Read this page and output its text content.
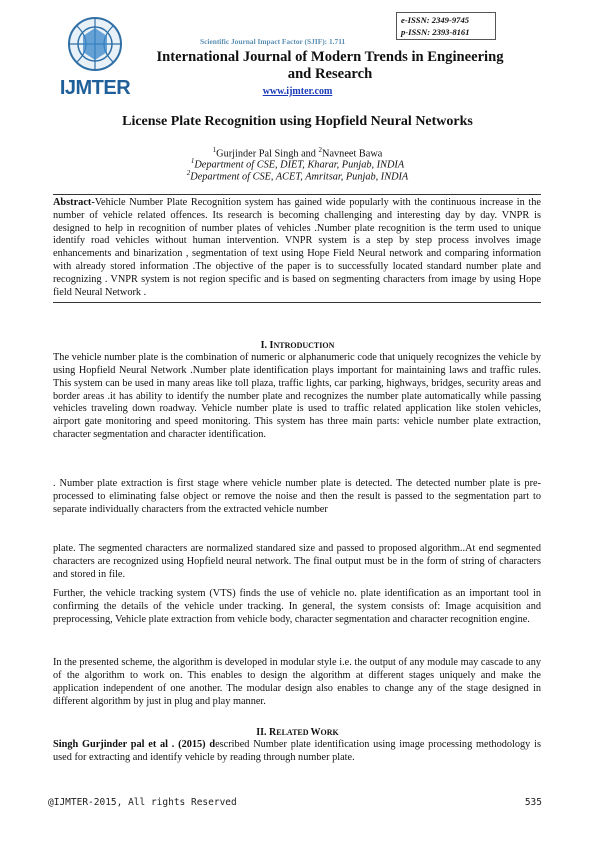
IJMTER
Scientific Journal Impact Factor (SJIF): 1.711
e-ISSN: 2349-9745
p-ISSN: 2393-8161
International Journal of Modern Trends in Engineering
and Research
www.ijmter.com
License Plate Recognition using Hopfield Neural Networks
$^1$Gurjinder Pal Singh and $^2$Navneet Bawa
$^1$Department of CSE, DIET, Kharar, Punjab, INDIA
$^2$Department of CSE, ACET, Amritsar, Punjab, INDIA
Abstract-Vehicle Number Plate Recognition system has gained wide popularly with the continuous increase in the number of vehicle related offences. Its research is becoming challenging and interesting day by day. VNPR is designed to help in recognition of number plates of vehicles .Number plate recognition is the term used to unique identify road vehicles without human intervention. VNPR system is a step by step process involves image enhancements and binarization , segmentation of text using Hope Field Neural network and comparing information with already stored information .The objective of the paper is to successfully located standard number plate and recognizing . VNPR system is not region specific and is based on segmenting characters from image by using Hope field Neural Network .
I. INTRODUCTION
The vehicle number plate is the combination of numeric or alphanumeric code that uniquely recognizes the vehicle by using Hopfield Neural Network .Number plate identification plays important for maintaining laws and traffic rules. This system can be used in many areas like toll plaza, traffic lights, car parking, highways, bridges, security areas and border areas .it has ability to identify the number plate and recognizes the number plate automatically while passing vehicles traveling down roadway. Vehicle number plate is used to traffic related application like stolen vehicles, airport gate monitoring and speed monitoring. This system has three main parts: vehicle number plate extraction, character segmentation and character identification.
. Number plate extraction is first stage where vehicle number plate is detected. The detected number plate is pre-processed to eliminating false object or remove the noise and then the result is passed to the segmentation part to separate individually characters from the extracted vehicle number
plate. The segmented characters are normalized standared size and passed to proposed algorithm..At end segmented characters are recognized using Hopfield neural network. The final output must be in the form of string of characters and stored in file.
Further, the vehicle tracking system (VTS) finds the use of vehicle no. plate identification as an important tool in confirming the details of the vehicle under tracking. In general, the system consists of: Image acquisition and preprocessing, Vehicle plate extraction from vehicle body, character segmentation and character recognition engine.
In the presented scheme, the algorithm is developed in modular style i.e. the output of any module may cascade to any of the algorithm to work on. This enables to design the algorithm at different stages uniquely and make the application independent of one another. The modular design also enables to change any of the stage designed in different algorithm by just in plug and play manner.
II. RELATED WORK
Singh Gurjinder pal et al . (2015) described Number plate identification using image processing methodology is used for extracting and identify vehicle by reading through number plate.
@IJMTER-2015, All rights Reserved	535
